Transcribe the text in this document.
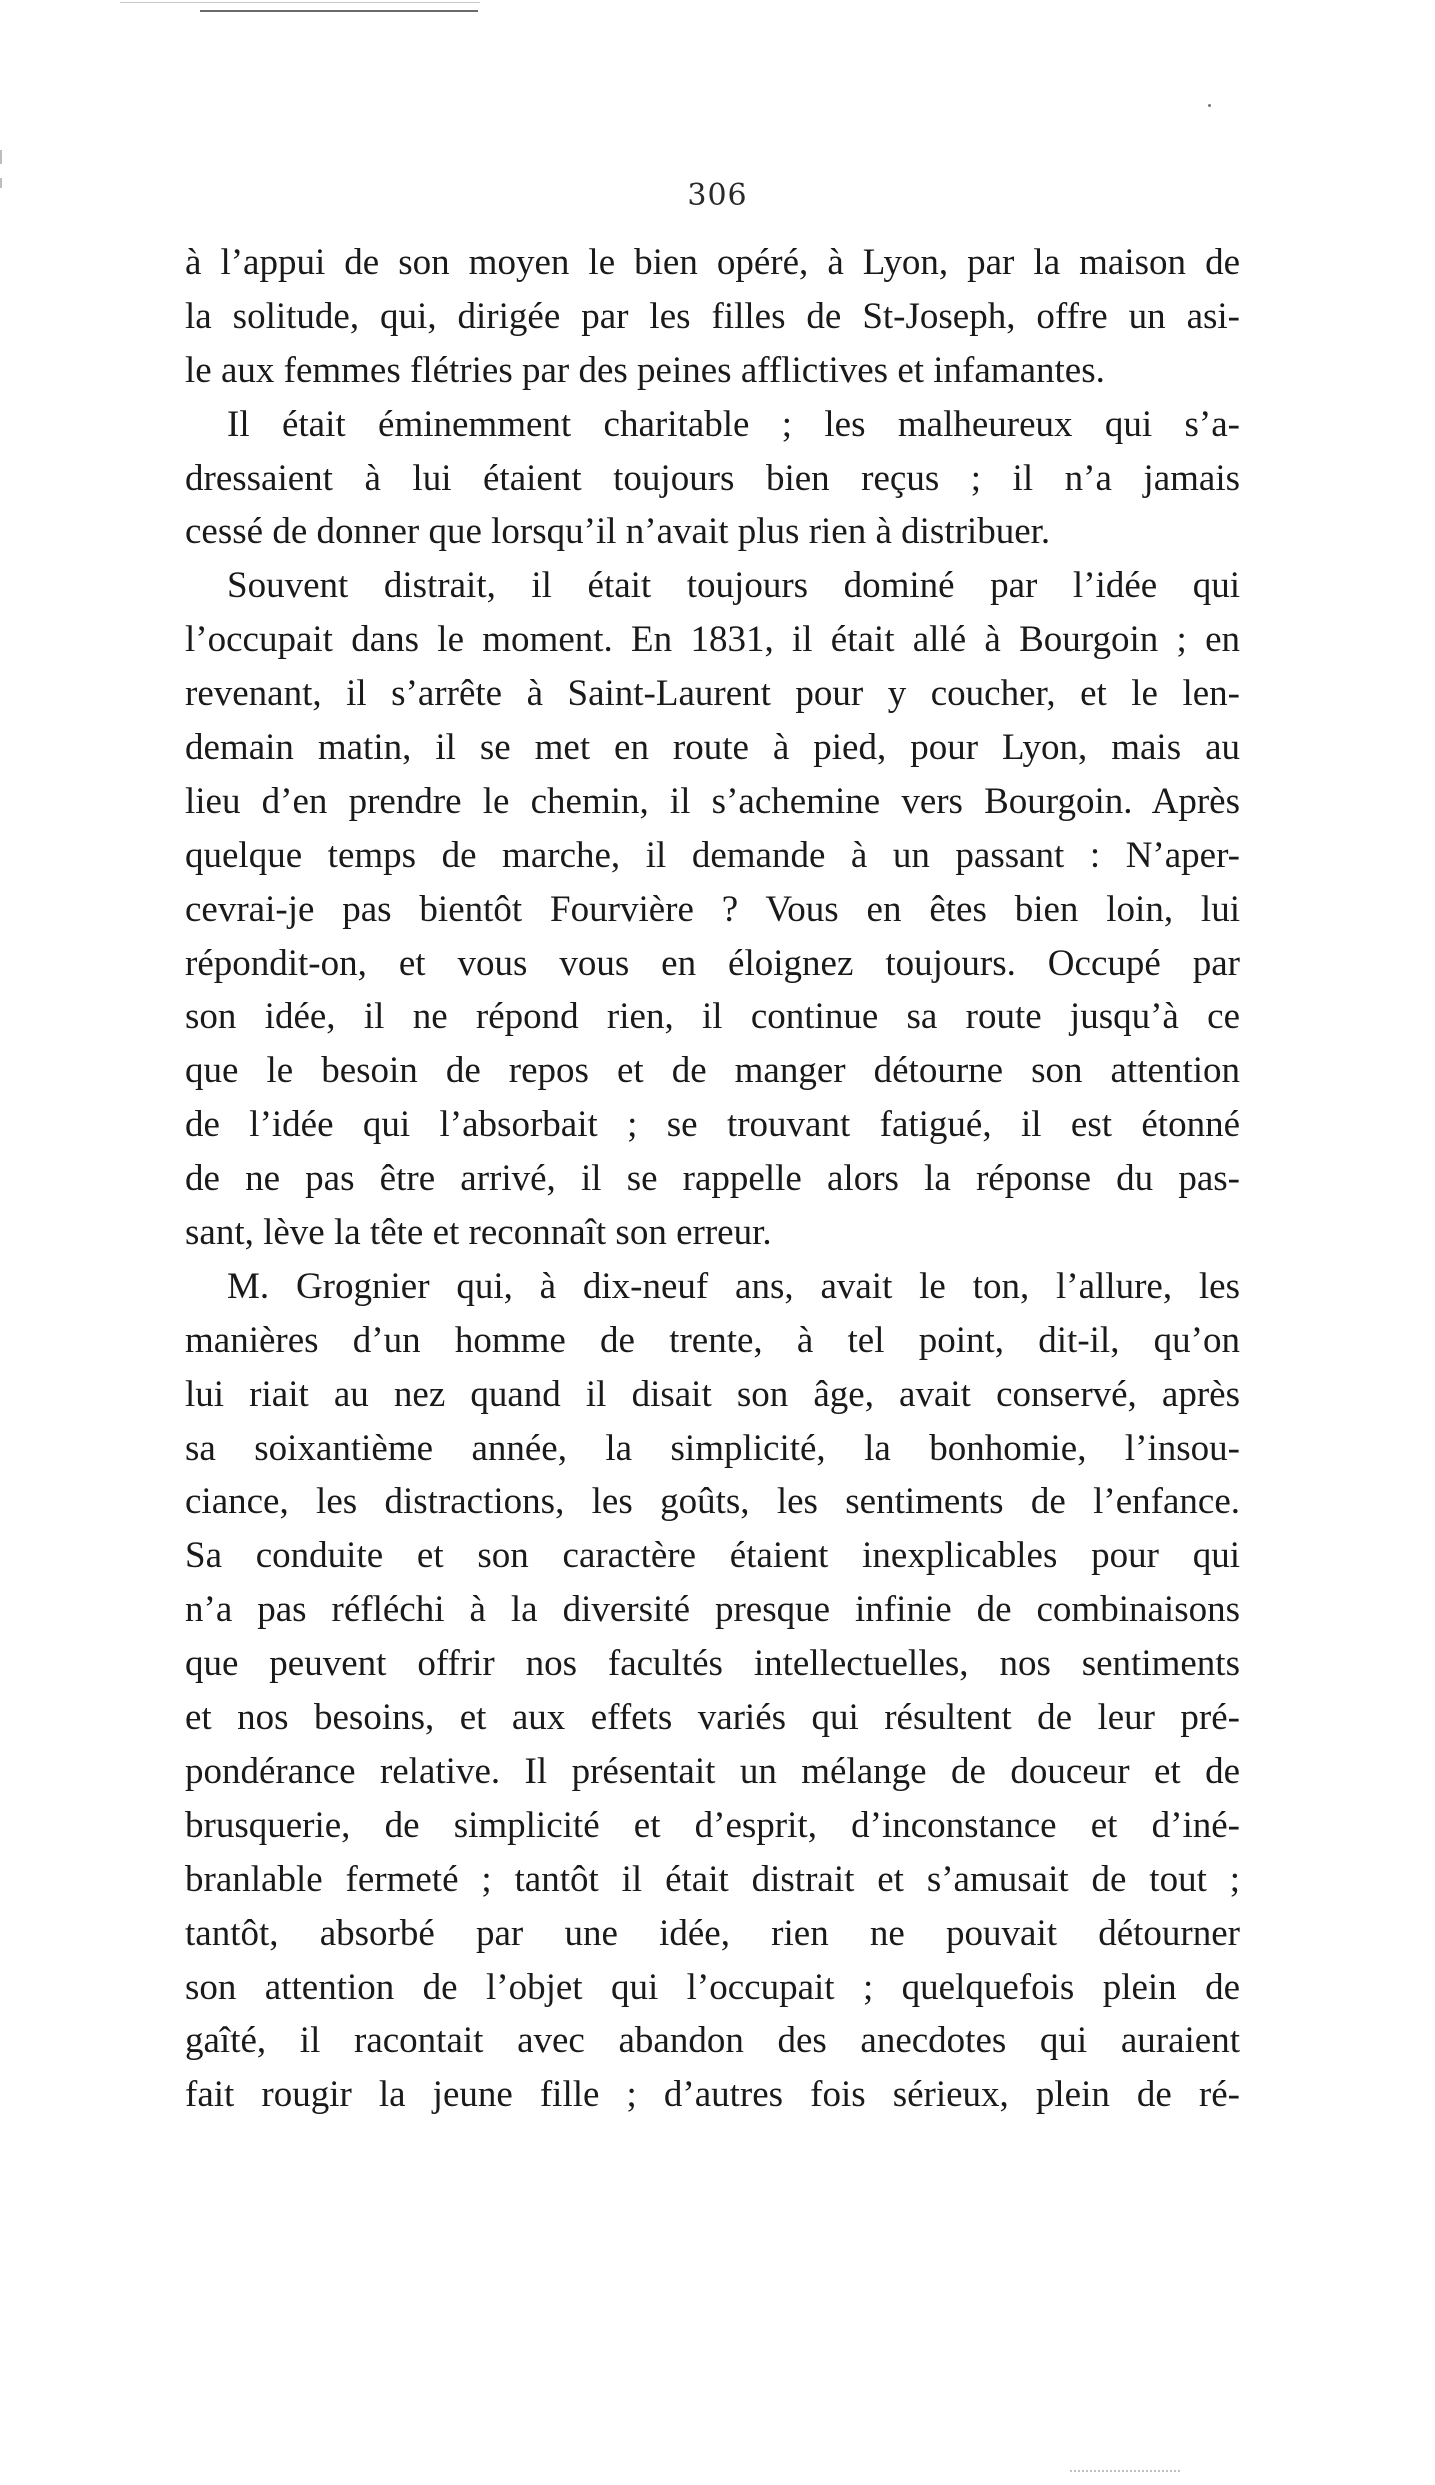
306
à l’appui de son moyen le bien opéré, à Lyon, par la maison de
la solitude, qui, dirigée par les filles de St-Joseph, offre un asi-
le aux femmes flétries par des peines afflictives et infamantes.
Il était éminemment charitable ; les malheureux qui s’a-
dressaient à lui étaient toujours bien reçus ; il n’a jamais
cessé de donner que lorsqu’il n’avait plus rien à distribuer.
Souvent distrait, il était toujours dominé par l’idée qui
l’occupait dans le moment. En 1831, il était allé à Bourgoin ; en
revenant, il s’arrête à Saint-Laurent pour y coucher, et le len-
demain matin, il se met en route à pied, pour Lyon, mais au
lieu d’en prendre le chemin, il s’achemine vers Bourgoin. Après
quelque temps de marche, il demande à un passant : N’aper-
cevrai-je pas bientôt Fourvière ? Vous en êtes bien loin, lui
répondit-on, et vous vous en éloignez toujours. Occupé par
son idée, il ne répond rien, il continue sa route jusqu’à ce
que le besoin de repos et de manger détourne son attention
de l’idée qui l’absorbait ; se trouvant fatigué, il est étonné
de ne pas être arrivé, il se rappelle alors la réponse du pas-
sant, lève la tête et reconnaît son erreur.
M. Grognier qui, à dix-neuf ans, avait le ton, l’allure, les
manières d’un homme de trente, à tel point, dit-il, qu’on
lui riait au nez quand il disait son âge, avait conservé, après
sa soixantième année, la simplicité, la bonhomie, l’insou-
ciance, les distractions, les goûts, les sentiments de l’enfance.
Sa conduite et son caractère étaient inexplicables pour qui
n’a pas réfléchi à la diversité presque infinie de combinaisons
que peuvent offrir nos facultés intellectuelles, nos sentiments
et nos besoins, et aux effets variés qui résultent de leur pré-
pondérance relative. Il présentait un mélange de douceur et de
brusquerie, de simplicité et d’esprit, d’inconstance et d’iné-
branlable fermeté ; tantôt il était distrait et s’amusait de tout ;
tantôt, absorbé par une idée, rien ne pouvait détourner
son attention de l’objet qui l’occupait ; quelquefois plein de
gaîté, il racontait avec abandon des anecdotes qui auraient
fait rougir la jeune fille ; d’autres fois sérieux, plein de ré-
